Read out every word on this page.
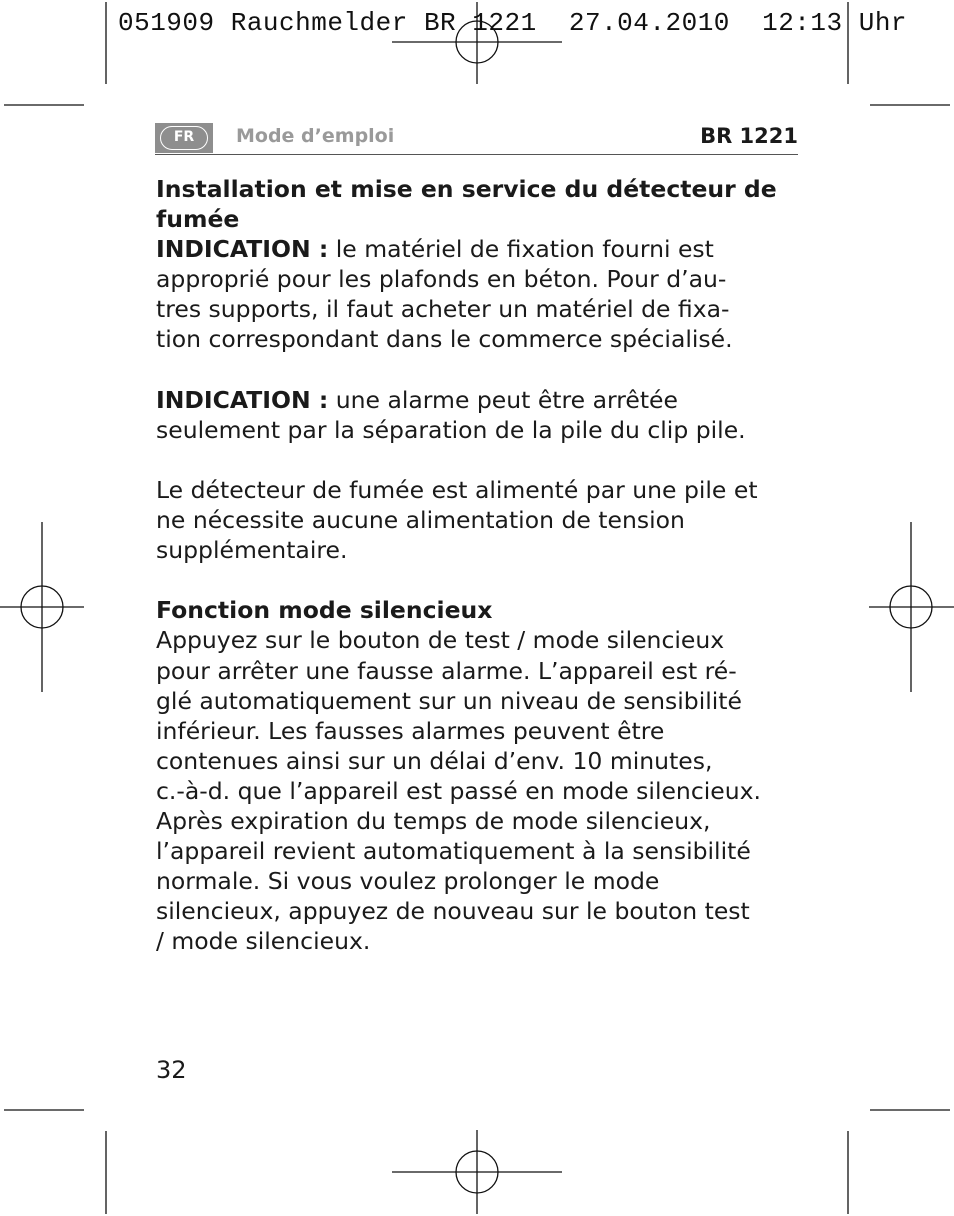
051909 Rauchmelder BR 1221  27.04.2010  12:13 Uhr
FR	Mode d’emploi	BR 1221
Installation et mise en service du détecteur de
fumée
INDICATION : le matériel de fixation fourni est
approprié pour les plafonds en béton. Pour d’au-
tres supports, il faut acheter un matériel de fixa-
tion correspondant dans le commerce spécialisé.
INDICATION : une alarme peut être arrêtée
seulement par la séparation de la pile du clip pile.
Le détecteur de fumée est alimenté par une pile et
ne nécessite aucune alimentation de tension
supplémentaire.
Fonction mode silencieux
Appuyez sur le bouton de test / mode silencieux
pour arrêter une fausse alarme. L’appareil est ré-
glé automatiquement sur un niveau de sensibilité
inférieur. Les fausses alarmes peuvent être
contenues ainsi sur un délai d’env. 10 minutes,
c.-à-d. que l’appareil est passé en mode silencieux.
Après expiration du temps de mode silencieux,
l’appareil revient automatiquement à la sensibilité
normale. Si vous voulez prolonger le mode
silencieux, appuyez de nouveau sur le bouton test
/ mode silencieux.
32
